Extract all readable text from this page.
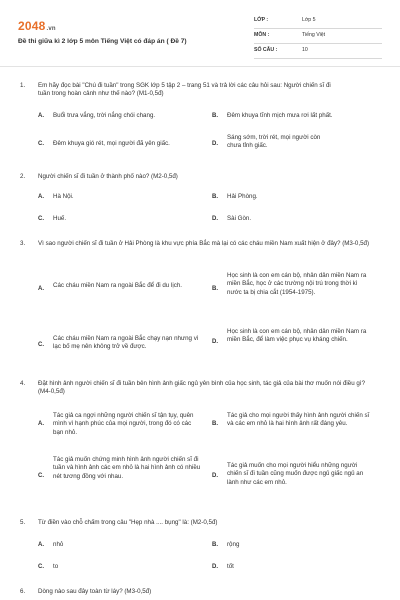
2048.vn
Đề thi giữa kì 2 lớp 5 môn Tiếng Việt có đáp án ( Đề 7)
LỚP :	Lớp 5
MÔN :	Tiếng Việt
SỐ CÂU :	10
1.	Em hãy đọc bài "Chú đi tuần" trong SGK lớp 5 tập 2 – trang 51 và trả lời các câu hỏi sau: Người chiến sĩ đi tuần trong hoàn cảnh như thế nào? (M1-0,5đ)
A. Buổi trưa vắng, trời nắng chói chang.	B. Đêm khuya tĩnh mịch mưa rơi lất phất.
C. Đêm khuya gió rét, mọi người đã yên giấc.	D.
Sáng sớm, trời rét, mọi người còn chưa tỉnh giấc.
2.	Người chiến sĩ đi tuần ở thành phố nào? (M2-0,5đ)
A. Hà Nội.	B. Hải Phòng.
C. Huế.	D. Sài Gòn.
3.	Vì sao người chiến sĩ đi tuần ở Hải Phòng là khu vực phía Bắc mà lại có các cháu miền Nam xuất hiện ở đây? (M3-0,5đ)
A. Các cháu miền Nam ra ngoài Bắc để đi du lịch.	B.
Học sinh là con em cán bộ, nhân dân miền Nam ra miền Bắc, học ở các trường nội trú trong thời kì nước ta bị chia cắt (1954-1975).
C.
Các cháu miền Nam ra ngoài Bắc chạy nạn nhưng vì lạc bố mẹ nên không trở về được.
D.
Học sinh là con em cán bộ, nhân dân miền Nam ra miền Bắc, để làm việc phục vụ kháng chiến.
4.	Đặt hình ảnh người chiến sĩ đi tuần bên hình ảnh giấc ngủ yên bình của học sinh, tác giả của bài thơ muốn nói điều gì? (M4-0,5đ)
A.
Tác giả ca ngợi những người chiến sĩ tận tụy, quên mình vì hạnh phúc của mọi người, trong đó có các bạn nhỏ.
B.
Tác giả cho mọi người thấy hình ảnh người chiến sĩ và các em nhỏ là hai hình ảnh rất đáng yêu.
C.
Tác giả muốn chứng minh hình ảnh người chiến sĩ đi tuần và hình ảnh các em nhỏ là hai hình ảnh có nhiều nét tương đồng với nhau.	D.
Tác giả muốn cho mọi người hiểu những người chiến sĩ đi tuần cũng muốn được ngủ giấc ngủ an lành như các em nhỏ.
5.	Từ điền vào chỗ chấm trong câu "Hẹp nhà .... bụng" là: (M2-0,5đ)
A. nhỏ	B. rộng
C. to	D. tốt
6.	Dòng nào sau đây toàn từ láy? (M3-0,5đ)
